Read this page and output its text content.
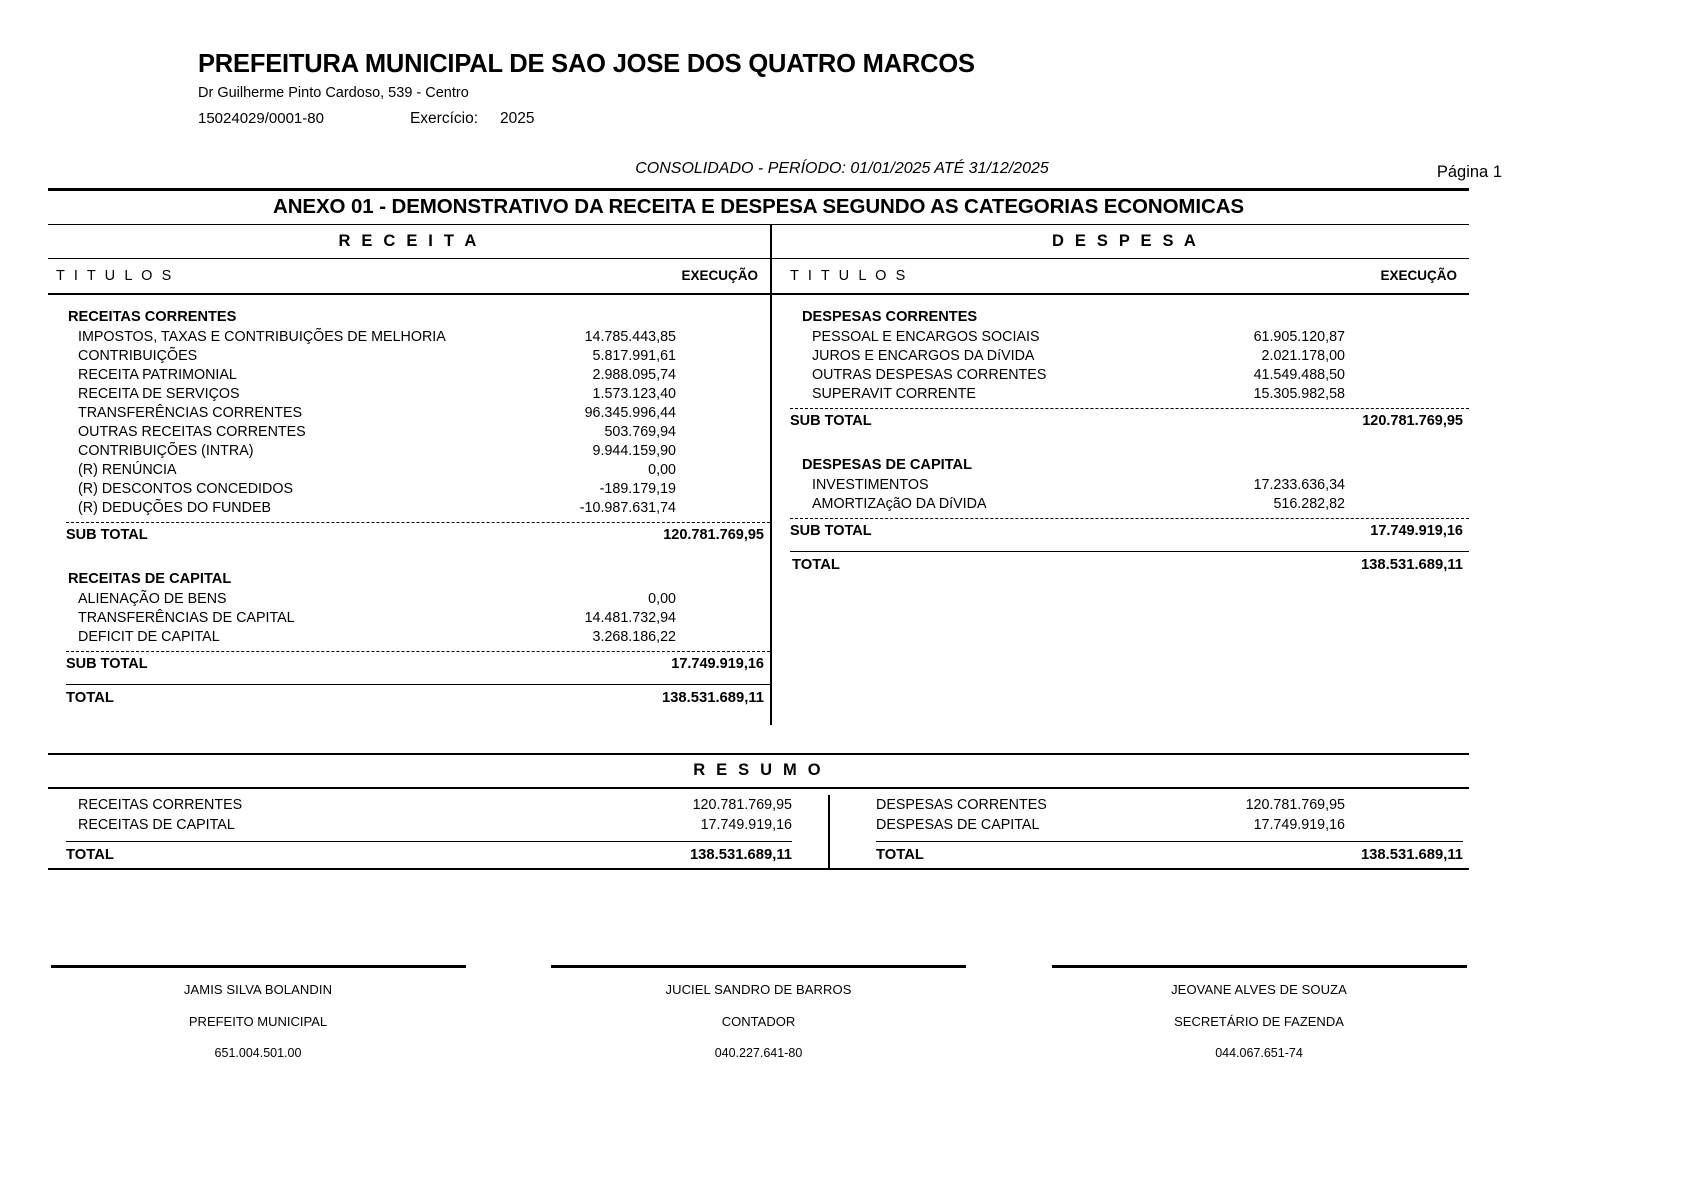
PREFEITURA MUNICIPAL DE SAO JOSE DOS QUATRO MARCOS
Dr Guilherme Pinto Cardoso, 539 - Centro
15024029/0001-80	Exercício: 2025
CONSOLIDADO - PERÍODO: 01/01/2025 ATÉ 31/12/2025	Página 1
ANEXO 01 - DEMONSTRATIVO DA RECEITA E DESPESA SEGUNDO AS CATEGORIAS ECONOMICAS
R E C E I T A	D E S P E S A
T I T U L O S	EXECUÇÃO T I T U L O S	EXECUÇÃO
RECEITAS CORRENTES
IMPOSTOS, TAXAS E CONTRIBUIÇÕES DE MELHORIA	14.785.443,85
CONTRIBUIÇÕES	5.817.991,61
RECEITA PATRIMONIAL	2.988.095,74
RECEITA DE SERVIÇOS	1.573.123,40
TRANSFERÊNCIAS CORRENTES	96.345.996,44
OUTRAS RECEITAS CORRENTES	503.769,94
CONTRIBUIÇÕES (INTRA)	9.944.159,90
(R) RENÚNCIA	0,00
(R) DESCONTOS CONCEDIDOS	-189.179,19
(R) DEDUÇÕES DO FUNDEB	-10.987.631,74
SUB TOTAL	120.781.769,95
RECEITAS DE CAPITAL
ALIENAÇÃO DE BENS	0,00
TRANSFERÊNCIAS DE CAPITAL	14.481.732,94
DEFICIT DE CAPITAL	3.268.186,22
SUB TOTAL	17.749.919,16
TOTAL	138.531.689,11
DESPESAS CORRENTES
PESSOAL E ENCARGOS SOCIAIS	61.905.120,87
JUROS E ENCARGOS DA DíVIDA	2.021.178,00
OUTRAS DESPESAS CORRENTES	41.549.488,50
SUPERAVIT CORRENTE	15.305.982,58
SUB TOTAL	120.781.769,95
DESPESAS DE CAPITAL
INVESTIMENTOS	17.233.636,34
AMORTIZAçãO DA DíVIDA	516.282,82
SUB TOTAL	17.749.919,16
TOTAL	138.531.689,11
R E S U M O
RECEITAS CORRENTES	120.781.769,95
RECEITAS DE CAPITAL	17.749.919,16
TOTAL	138.531.689,11
DESPESAS CORRENTES	120.781.769,95
DESPESAS DE CAPITAL	17.749.919,16
TOTAL	138.531.689,11
JAMIS SILVA BOLANDIN
PREFEITO MUNICIPAL
651.004.501.00
JUCIEL SANDRO DE BARROS
CONTADOR
040.227.641-80
JEOVANE ALVES DE SOUZA
SECRETÁRIO DE FAZENDA
044.067.651-74
